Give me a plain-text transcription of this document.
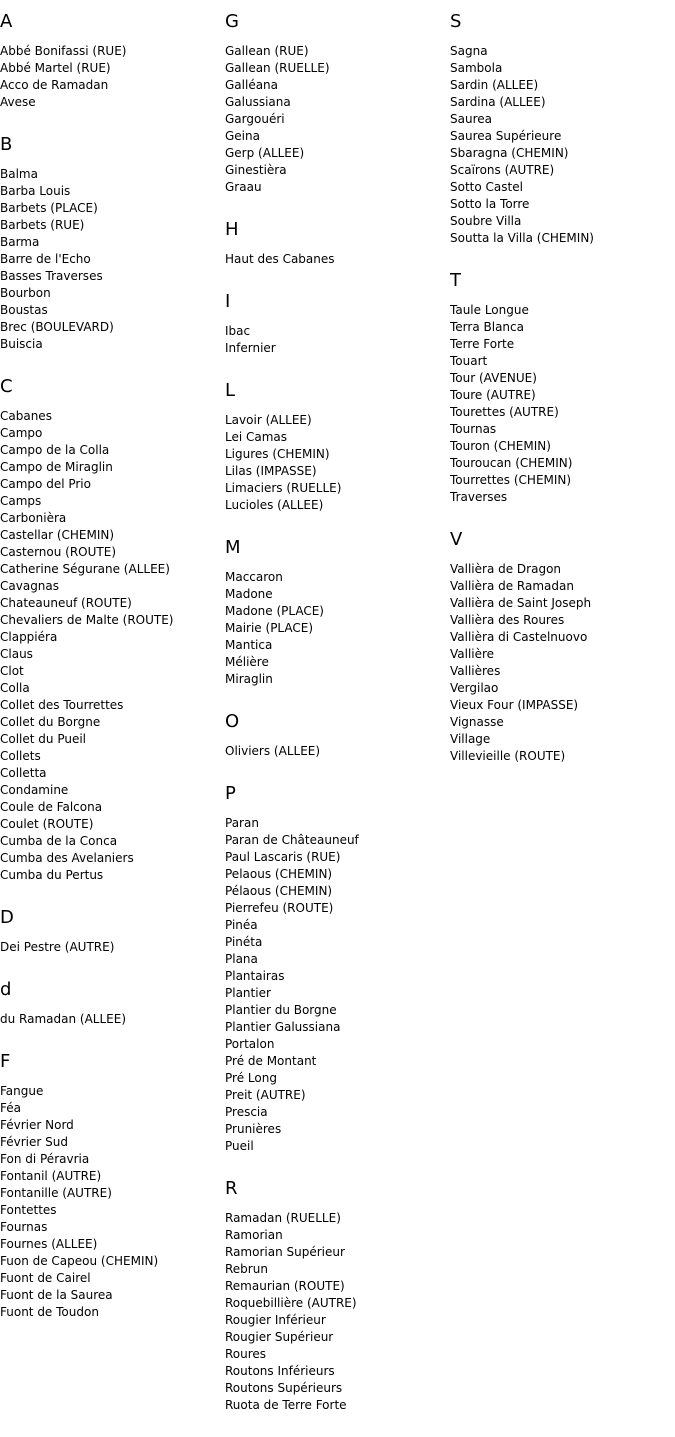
A
Abbé Bonifassi (RUE)
Abbé Martel (RUE)
Acco de Ramadan
Avese
B
Balma
Barba Louis
Barbets (PLACE)
Barbets (RUE)
Barma
Barre de l'Echo
Basses Traverses
Bourbon
Boustas
Brec (BOULEVARD)
Buiscia
C
Cabanes
Campo
Campo de la Colla
Campo de Miraglin
Campo del Prio
Camps
Carbonièra
Castellar (CHEMIN)
Casternou (ROUTE)
Catherine Ségurane (ALLEE)
Cavagnas
Chateauneuf (ROUTE)
Chevaliers de Malte (ROUTE)
Clappiéra
Claus
Clot
Colla
Collet des Tourrettes
Collet du Borgne
Collet du Pueil
Collets
Colletta
Condamine
Coule de Falcona
Coulet (ROUTE)
Cumba de la Conca
Cumba des Avelaniers
Cumba du Pertus
D
Dei Pestre (AUTRE)
d
du Ramadan (ALLEE)
F
Fangue
Féa
Février Nord
Février Sud
Fon di Péravria
Fontanil (AUTRE)
Fontanille (AUTRE)
Fontettes
Fournas
Fournes (ALLEE)
Fuon de Capeou (CHEMIN)
Fuont de Cairel
Fuont de la Saurea
Fuont de Toudon
G
Gallean (RUE)
Gallean (RUELLE)
Galléana
Galussiana
Gargouéri
Geina
Gerp (ALLEE)
Ginestièra
Graau
H
Haut des Cabanes
I
Ibac
Infernier
L
Lavoir (ALLEE)
Lei Camas
Ligures (CHEMIN)
Lilas (IMPASSE)
Limaciers (RUELLE)
Lucioles (ALLEE)
M
Maccaron
Madone
Madone (PLACE)
Mairie (PLACE)
Mantica
Mélière
Miraglin
O
Oliviers (ALLEE)
P
Paran
Paran de Châteauneuf
Paul Lascaris (RUE)
Pelaous (CHEMIN)
Pélaous (CHEMIN)
Pierrefeu (ROUTE)
Pinéa
Pinéta
Plana
Plantairas
Plantier
Plantier du Borgne
Plantier Galussiana
Portalon
Pré de Montant
Pré Long
Preit (AUTRE)
Prescia
Prunières
Pueil
R
Ramadan (RUELLE)
Ramorian
Ramorian Supérieur
Rebrun
Remaurian (ROUTE)
Roquebillière (AUTRE)
Rougier Inférieur
Rougier Supérieur
Roures
Routons Inférieurs
Routons Supérieurs
Ruota de Terre Forte
S
Sagna
Sambola
Sardin (ALLEE)
Sardina (ALLEE)
Saurea
Saurea Supérieure
Sbaragna (CHEMIN)
Scaïrons (AUTRE)
Sotto Castel
Sotto la Torre
Soubre Villa
Soutta la Villa (CHEMIN)
T
Taule Longue
Terra Blanca
Terre Forte
Touart
Tour (AVENUE)
Toure (AUTRE)
Tourettes (AUTRE)
Tournas
Touron (CHEMIN)
Touroucan (CHEMIN)
Tourrettes (CHEMIN)
Traverses
V
Vallièra de Dragon
Vallièra de Ramadan
Vallièra de Saint Joseph
Vallièra des Roures
Vallièra di Castelnuovo
Vallière
Vallières
Vergilao
Vieux Four (IMPASSE)
Vignasse
Village
Villevieille (ROUTE)
